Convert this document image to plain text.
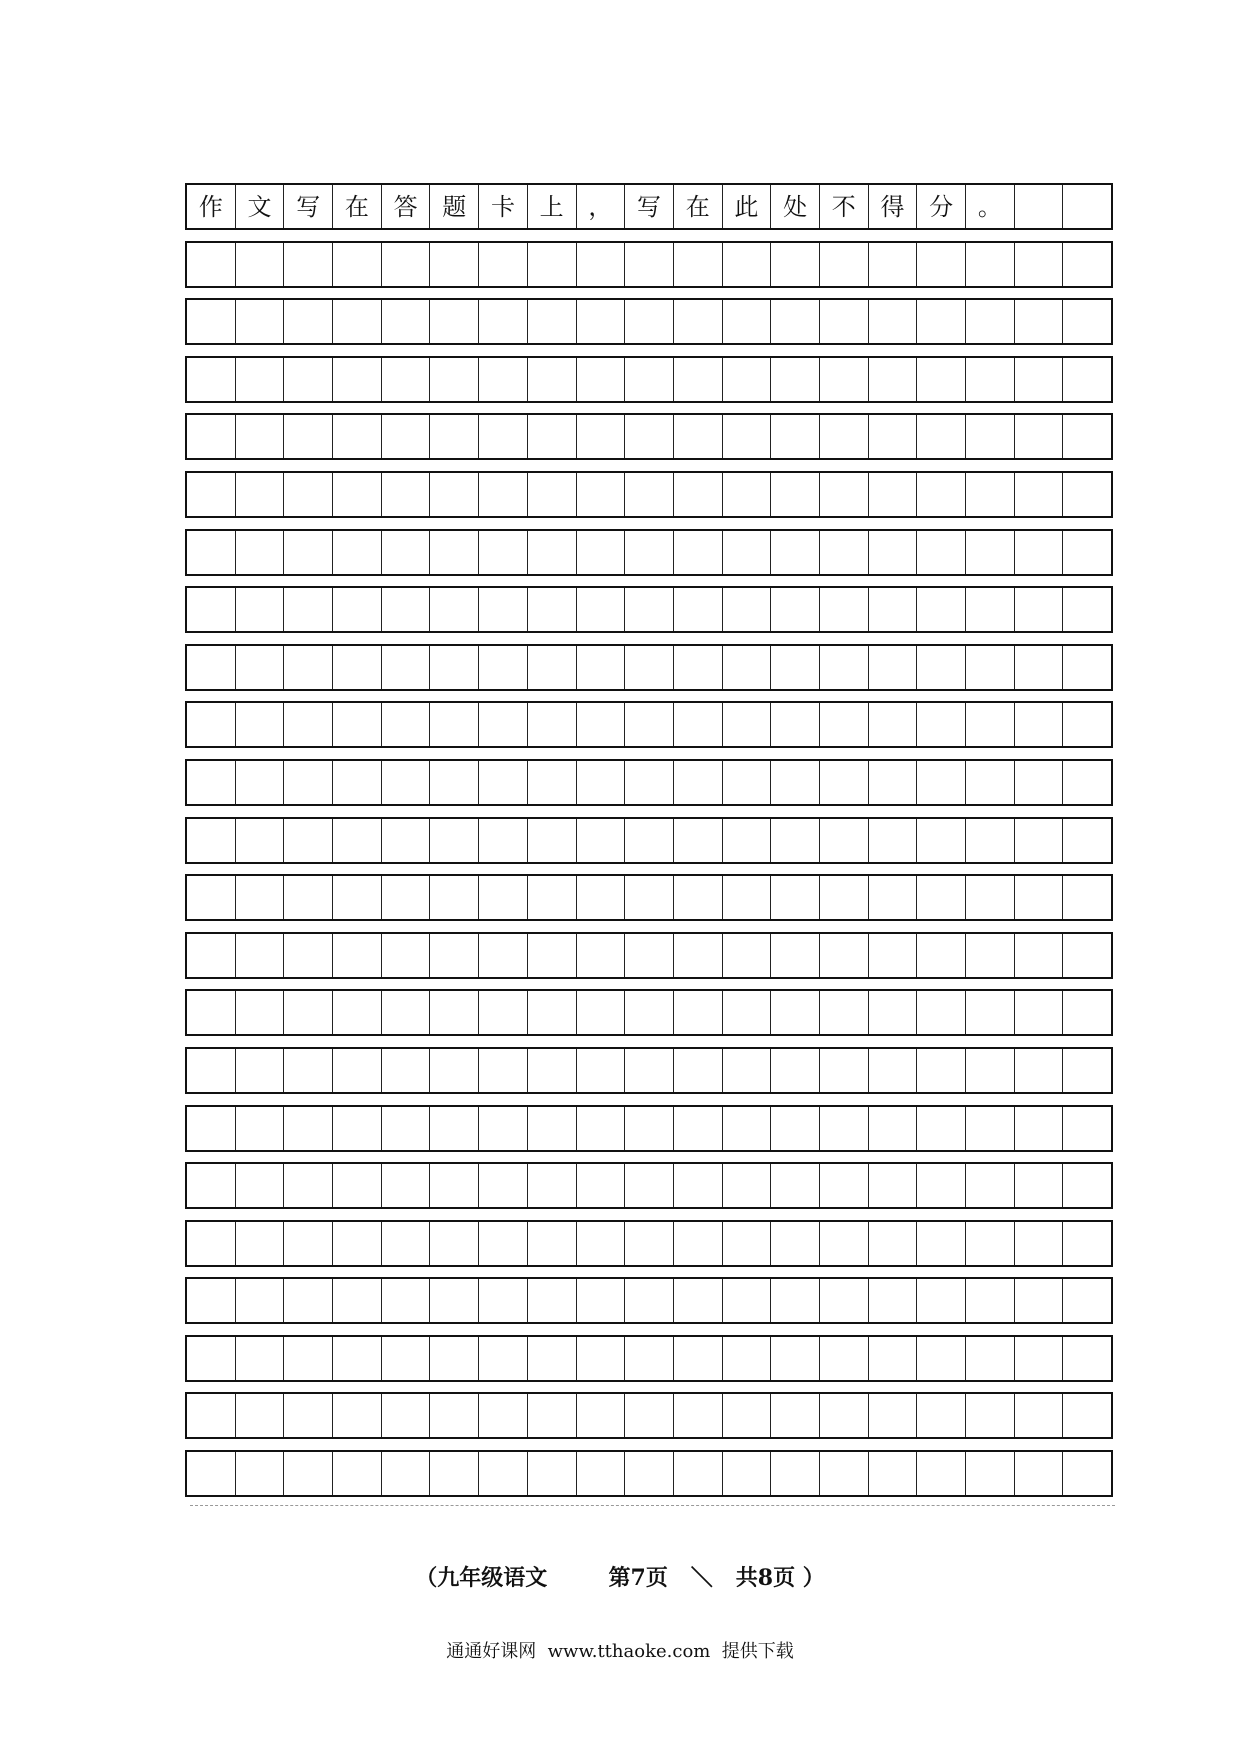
作	文	写	在	答	题	卡	上	，	写	在	此	处	不	得	分	。
（九年级语文        第7页   ＼   共8页 ）
通通好课网  www.tthaoke.com  提供下载
